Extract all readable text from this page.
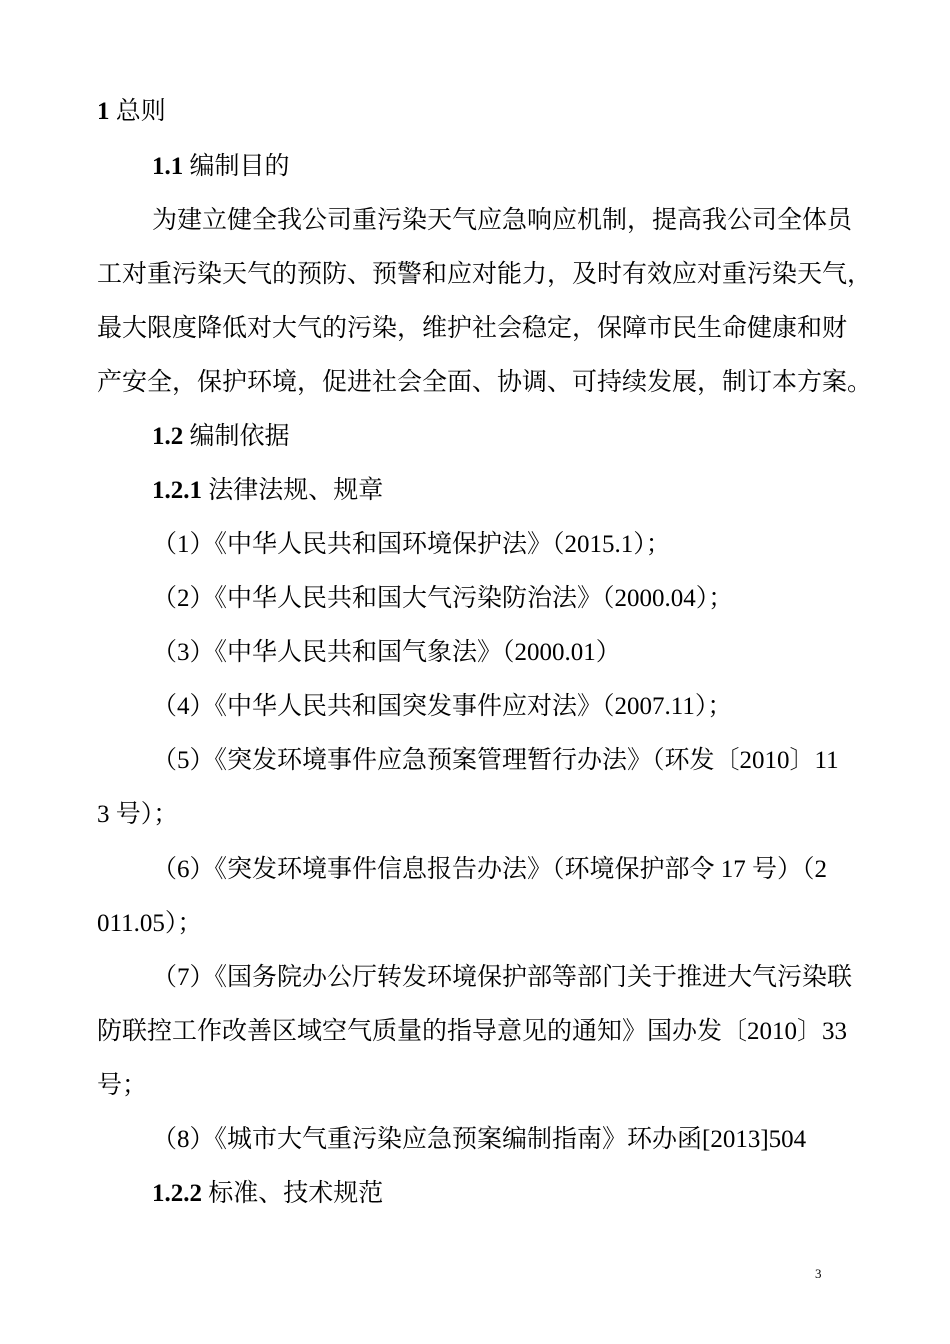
1 总则
1.1 编制目的
为建立健全我公司重污染天气应急响应机制，提高我公司全体员
工对重污染天气的预防、预警和应对能力，及时有效应对重污染天气，
最大限度降低对大气的污染，维护社会稳定，保障市民生命健康和财
产安全，保护环境，促进社会全面、协调、可持续发展，制订本方案。
1.2 编制依据
1.2.1 法律法规、规章
（1）《中华人民共和国环境保护法》（2015.1）；
（2）《中华人民共和国大气污染防治法》（2000.04）；
（3）《中华人民共和国气象法》（2000.01）
（4）《中华人民共和国突发事件应对法》（2007.11）；
（5）《突发环境事件应急预案管理暂行办法》（环发〔2010〕11
3 号）；
（6）《突发环境事件信息报告办法》（环境保护部令 17 号）（2
011.05）；
（7）《国务院办公厅转发环境保护部等部门关于推进大气污染联
防联控工作改善区域空气质量的指导意见的通知》国办发〔2010〕33
号；
（8）《城市大气重污染应急预案编制指南》环办函[2013]504
1.2.2 标准、技术规范
3
